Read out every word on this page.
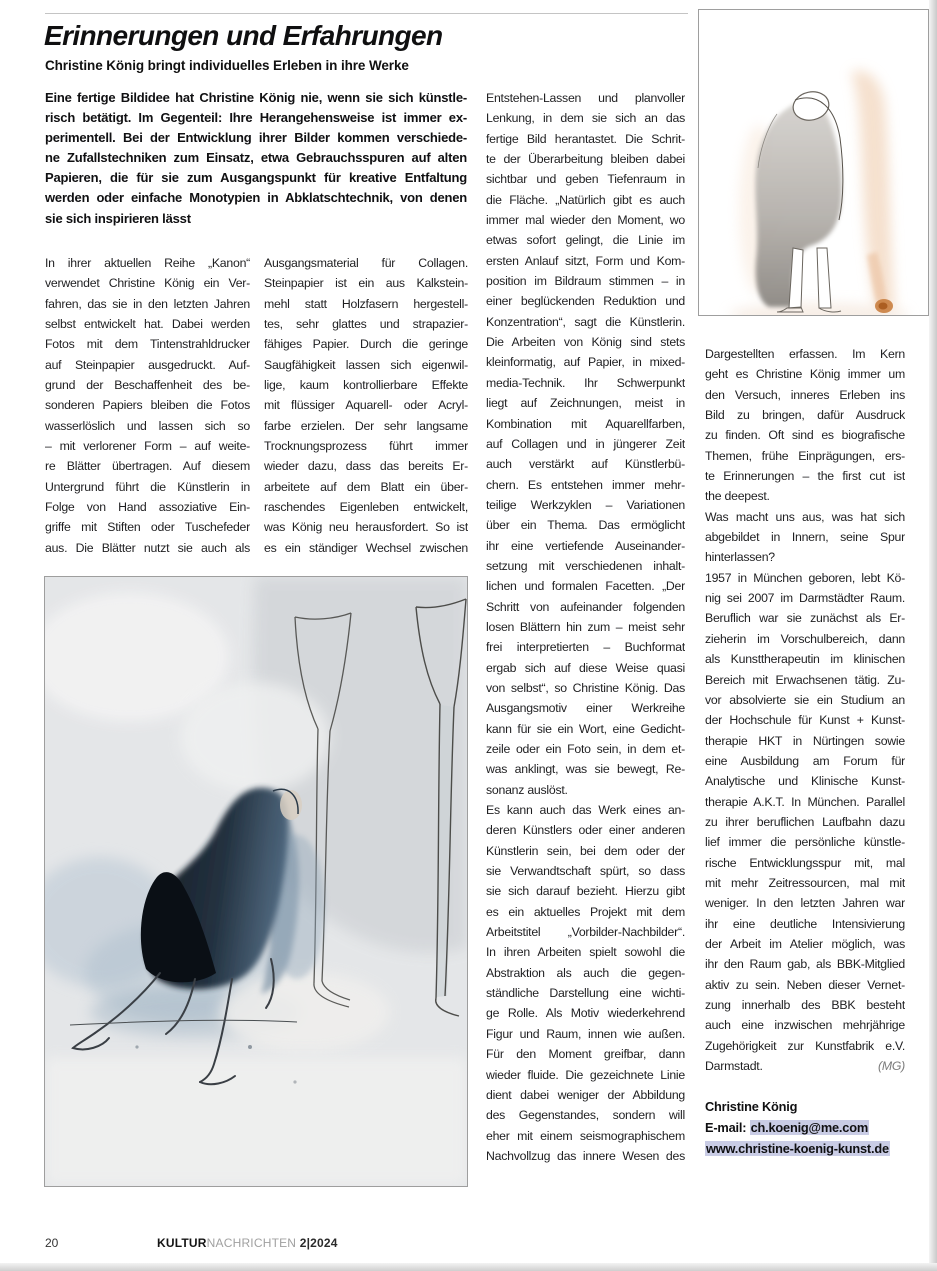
Erinnerungen und Erfahrungen
Christine König bringt individuelles Erleben in ihre Werke
Eine fertige Bildidee hat Christine König nie, wenn sie sich künstle-
risch betätigt. Im Gegenteil: Ihre Herangehensweise ist immer ex-
perimentell. Bei der Entwicklung ihrer Bilder kommen verschiede-
ne Zufallstechniken zum Einsatz, etwa Gebrauchsspuren auf alten
Papieren, die für sie zum Ausgangspunkt für kreative Entfaltung
werden oder einfache Monotypien in Abklatschtechnik, von denen
sie sich inspirieren lässt
In ihrer aktuellen Reihe „Kanon“
verwendet Christine König ein Ver-
fahren, das sie in den letzten Jahren
selbst entwickelt hat. Dabei werden
Fotos mit dem Tintenstrahldrucker
auf Steinpapier ausgedruckt. Auf-
grund der Beschaffenheit des be-
sonderen Papiers bleiben die Fotos
wasserlöslich und lassen sich so
– mit verlorener Form – auf weite-
re Blätter übertragen. Auf diesem
Untergrund führt die Künstlerin in
Folge von Hand assoziative Ein-
griffe mit Stiften oder Tuschefeder
aus. Die Blätter nutzt sie auch als
Ausgangsmaterial für Collagen.
Steinpapier ist ein aus Kalkstein-
mehl statt Holzfasern hergestell-
tes, sehr glattes und strapazier-
fähiges Papier. Durch die geringe
Saugfähigkeit lassen sich eigenwil-
lige, kaum kontrollierbare Effekte
mit flüssiger Aquarell- oder Acryl-
farbe erzielen. Der sehr langsame
Trocknungsprozess führt immer
wieder dazu, dass das bereits Er-
arbeitete auf dem Blatt ein über-
raschendes Eigenleben entwickelt,
was König neu herausfordert. So ist
es ein ständiger Wechsel zwischen
Entstehen-Lassen und planvoller
Lenkung, in dem sie sich an das
fertige Bild herantastet. Die Schrit-
te der Überarbeitung bleiben dabei
sichtbar und geben Tiefenraum in
die Fläche. „Natürlich gibt es auch
immer mal wieder den Moment, wo
etwas sofort gelingt, die Linie im
ersten Anlauf sitzt, Form und Kom-
position im Bildraum stimmen – in
einer beglückenden Reduktion und
Konzentration“, sagt die Künstlerin.
Die Arbeiten von König sind stets
kleinformatig, auf Papier, in mixed-
media-Technik. Ihr Schwerpunkt
liegt auf Zeichnungen, meist in
Kombination mit Aquarellfarben,
auf Collagen und in jüngerer Zeit
auch verstärkt auf Künstlerbü-
chern. Es entstehen immer mehr-
teilige Werkzyklen – Variationen
über ein Thema. Das ermöglicht
ihr eine vertiefende Auseinander-
setzung mit verschiedenen inhalt-
lichen und formalen Facetten. „Der
Schritt von aufeinander folgenden
losen Blättern hin zum – meist sehr
frei interpretierten – Buchformat
ergab sich auf diese Weise quasi
von selbst“, so Christine König. Das
Ausgangsmotiv einer Werkreihe
kann für sie ein Wort, eine Gedicht-
zeile oder ein Foto sein, in dem et-
was anklingt, was sie bewegt, Re-
sonanz auslöst.
Es kann auch das Werk eines an-
deren Künstlers oder einer anderen
Künstlerin sein, bei dem oder der
sie Verwandtschaft spürt, so dass
sie sich darauf bezieht. Hierzu gibt
es ein aktuelles Projekt mit dem
Arbeitstitel „Vorbilder-Nachbilder“.
In ihren Arbeiten spielt sowohl die
Abstraktion als auch die gegen-
ständliche Darstellung eine wichti-
ge Rolle. Als Motiv wiederkehrend
Figur und Raum, innen wie außen.
Für den Moment greifbar, dann
wieder fluide. Die gezeichnete Linie
dient dabei weniger der Abbildung
des Gegenstandes, sondern will
eher mit einem seismographischem
Nachvollzug das innere Wesen des
Dargestellten erfassen. Im Kern
geht es Christine König immer um
den Versuch, inneres Erleben ins
Bild zu bringen, dafür Ausdruck
zu finden. Oft sind es biografische
Themen, frühe Einprägungen, ers-
te Erinnerungen – the first cut ist
the deepest.
Was macht uns aus, was hat sich
abgebildet in Innern, seine Spur
hinterlassen?
1957 in München geboren, lebt Kö-
nig sei 2007 im Darmstädter Raum.
Beruflich war sie zunächst als Er-
zieherin im Vorschulbereich, dann
als Kunsttherapeutin im klinischen
Bereich mit Erwachsenen tätig. Zu-
vor absolvierte sie ein Studium an
der Hochschule für Kunst + Kunst-
therapie HKT in Nürtingen sowie
eine Ausbildung am Forum für
Analytische und Klinische Kunst-
therapie A.K.T. In München. Parallel
zu ihrer beruflichen Laufbahn dazu
lief immer die persönliche künstle-
rische Entwicklungsspur mit, mal
mit mehr Zeitressourcen, mal mit
weniger. In den letzten Jahren war
ihr eine deutliche Intensivierung
der Arbeit im Atelier möglich, was
ihr den Raum gab, als BBK-Mitglied
aktiv zu sein. Neben dieser Vernet-
zung innerhalb des BBK besteht
auch eine inzwischen mehrjährige
Zugehörigkeit zur Kunstfabrik e.V.
Darmstadt.	(MG)
Christine König
E-mail: ch.koenig@me.com
www.christine-koenig-kunst.de
20	KULTURNACHRICHTEN 2|2024
